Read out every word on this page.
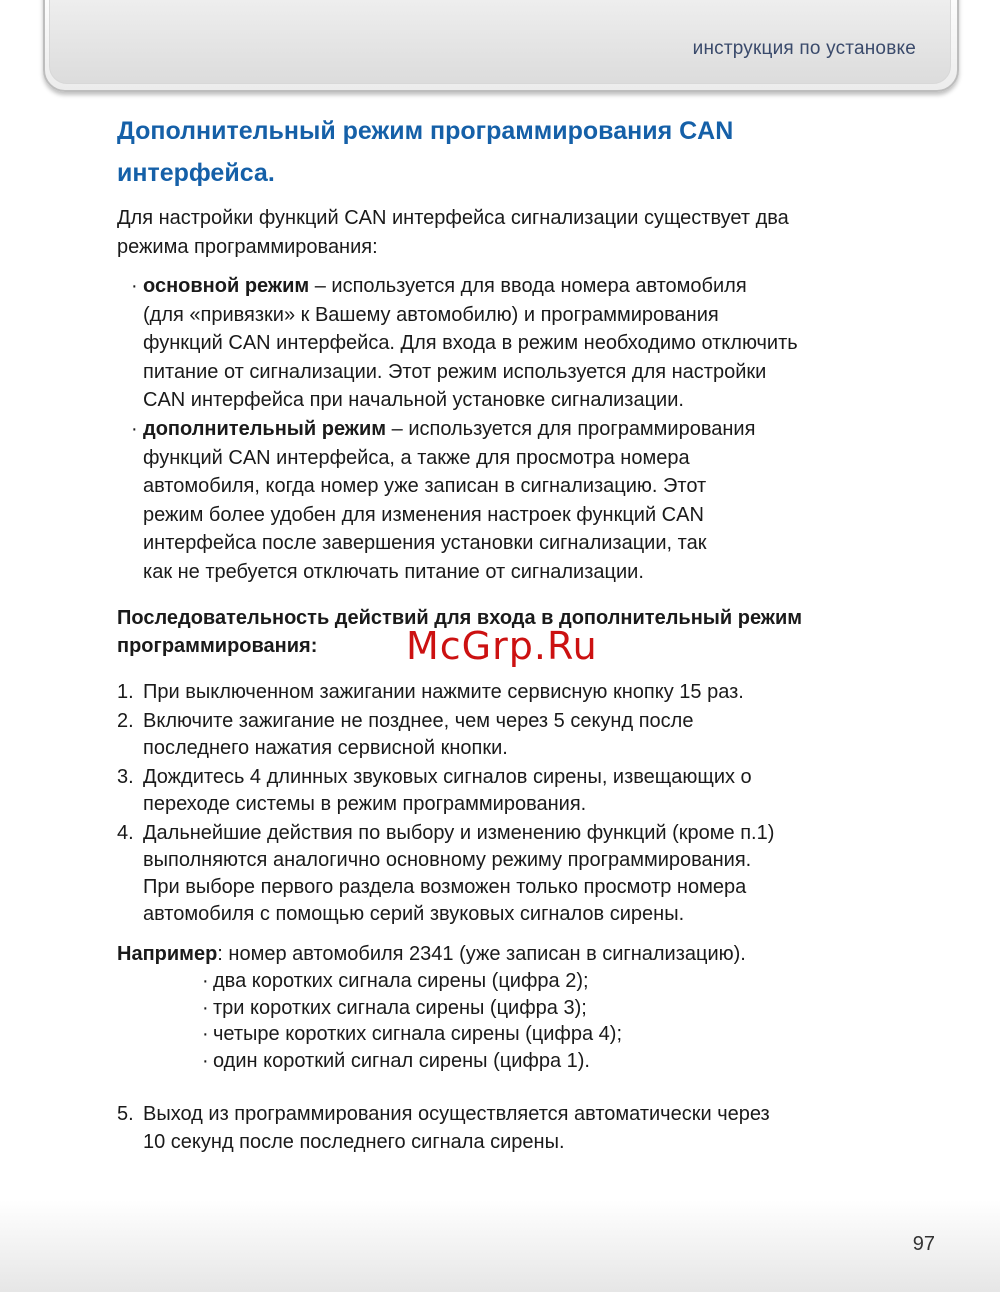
инструкция по установке
Дополнительный режим программирования CAN
интерфейса.

Для настройки функций CAN интерфейса сигнализации существует два
режима программирования:

· основной режим – используется для ввода номера автомобиля
(для «привязки» к Вашему автомобилю) и программирования
функций CAN интерфейса. Для входа в режим необходимо отключить
питание от сигнализации. Этот режим используется для настройки
CAN интерфейса при начальной установке сигнализации.
· дополнительный режим – используется для программирования
функций CAN интерфейса, а также для просмотра номера
автомобиля, когда номер уже записан в сигнализацию. Этот
режим более удобен для изменения настроек функций CAN
интерфейса после завершения установки сигнализации, так
как не требуется отключать питание от сигнализации.

Последовательность действий для входа в дополнительный режим
программирования:	McGrp.Ru
1. При выключенном зажигании нажмите сервисную кнопку 15 раз.
2. Включите зажигание не позднее, чем через 5 секунд после
последнего нажатия сервисной кнопки.
3. Дождитесь 4 длинных звуковых сигналов сирены, извещающих о
переходе системы в режим программирования.
4. Дальнейшие действия по выбору и изменению функций (кроме п.1)
выполняются аналогично основному режиму программирования.
При выборе первого раздела возможен только просмотр номера
автомобиля с помощью серий звуковых сигналов сирены.

Например: номер автомобиля 2341 (уже записан в сигнализацию).

· два коротких сигнала сирены (цифра 2);
· три коротких сигнала сирены (цифра 3);
· четыре коротких сигнала сирены (цифра 4);
· один короткий сигнал сирены (цифра 1).

5. Выход из программирования осуществляется автоматически через
10 секунд после последнего сигнала сирены.

97
